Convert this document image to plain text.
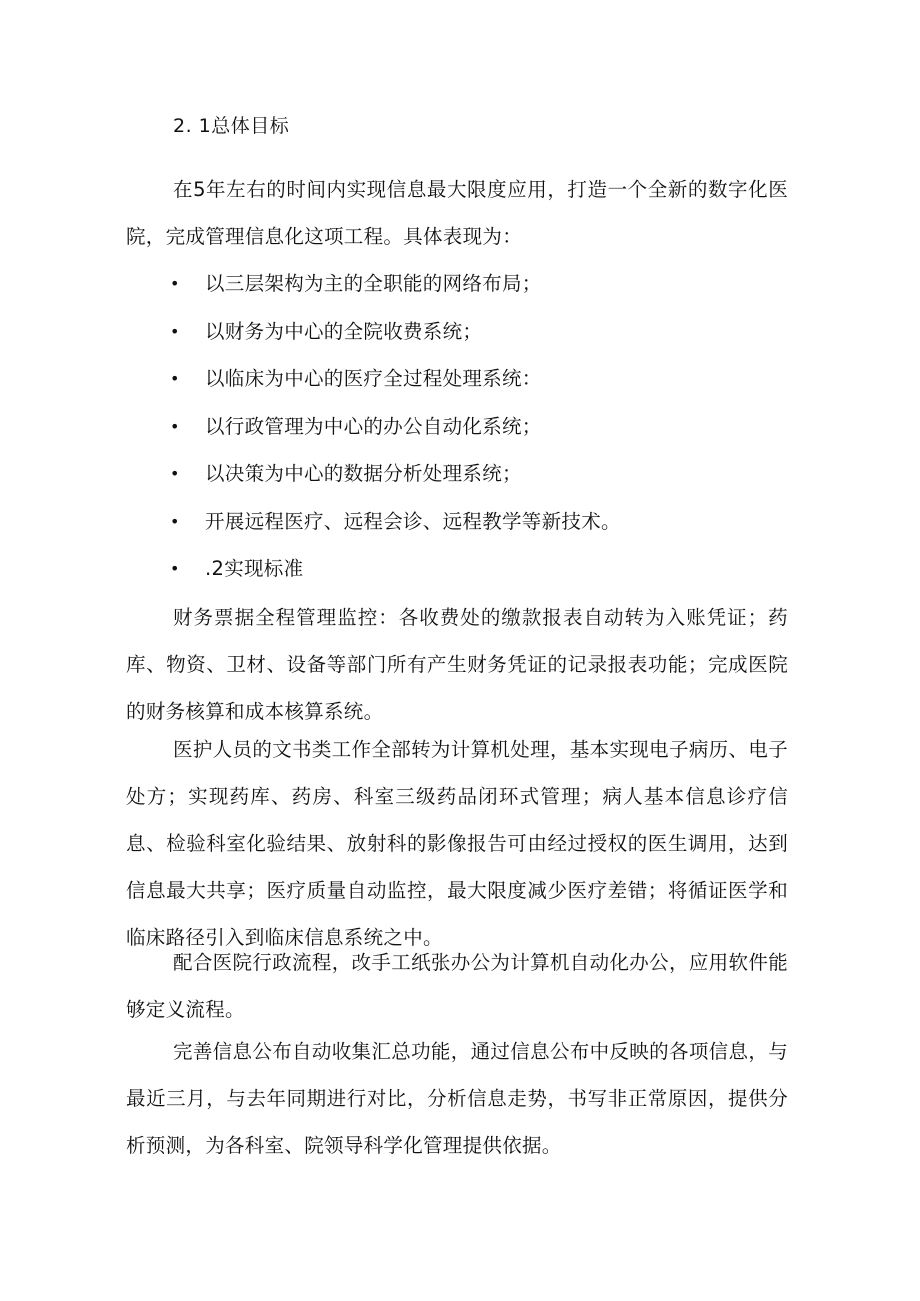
2. 1总体目标

在5年左右的时间内实现信息最大限度应用，打造一个全新的数字化医院，完成管理信息化这项工程。具体表现为：

• 以三层架构为主的全职能的网络布局；
• 以财务为中心的全院收费系统；
• 以临床为中心的医疗全过程处理系统：
• 以行政管理为中心的办公自动化系统；
• 以决策为中心的数据分析处理系统；
• 开展远程医疗、远程会诊、远程教学等新技术。
• .2实现标准

财务票据全程管理监控：各收费处的缴款报表自动转为入账凭证；药库、物资、卫材、设备等部门所有产生财务凭证的记录报表功能；完成医院的财务核算和成本核算系统。

医护人员的文书类工作全部转为计算机处理，基本实现电子病历、电子处方；实现药库、药房、科室三级药品闭环式管理；病人基本信息诊疗信息、检验科室化验结果、放射科的影像报告可由经过授权的医生调用，达到信息最大共享；医疗质量自动监控，最大限度减少医疗差错；将循证医学和临床路径引入到临床信息系统之中。

配合医院行政流程，改手工纸张办公为计算机自动化办公，应用软件能够定义流程。

完善信息公布自动收集汇总功能，通过信息公布中反映的各项信息，与最近三月，与去年同期进行对比，分析信息走势，书写非正常原因，提供分析预测，为各科室、院领导科学化管理提供依据。
